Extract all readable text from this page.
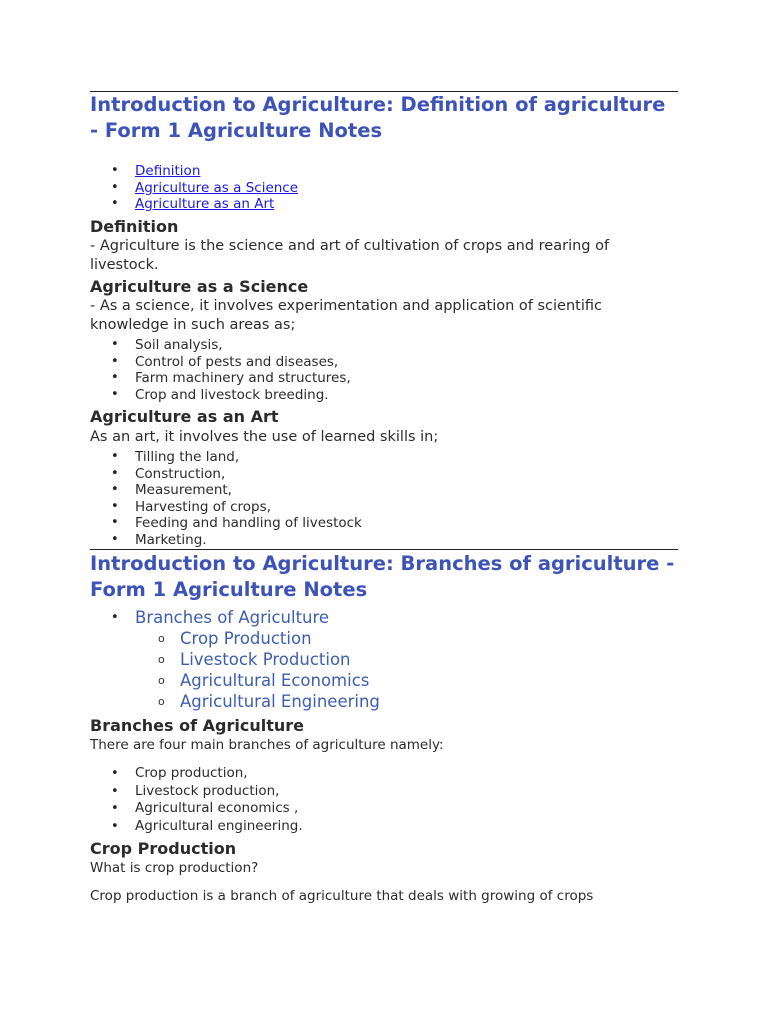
Introduction to Agriculture: Definition of agriculture - Form 1 Agriculture Notes
• Definition
• Agriculture as a Science
• Agriculture as an Art
Definition

- Agriculture is the science and art of cultivation of crops and rearing of livestock.

Agriculture as a Science

- As a science, it involves experimentation and application of scientific knowledge in such areas as;

• Soil analysis,
• Control of pests and diseases,
• Farm machinery and structures,
• Crop and livestock breeding.
Agriculture as an Art

As an art, it involves the use of learned skills in;

• Tilling the land,
• Construction,
• Measurement,
• Harvesting of crops,
• Feeding and handling of livestock
• Marketing.
Introduction to Agriculture: Branches of agriculture - Form 1 Agriculture Notes
• Branches of Agriculture
o Crop Production
o Livestock Production
o Agricultural Economics
o Agricultural Engineering
Branches of Agriculture

There are four main branches of agriculture namely:

• Crop production,
• Livestock production,
• Agricultural economics ,
• Agricultural engineering.
Crop Production

What is crop production?

Crop production is a branch of agriculture that deals with growing of crops
